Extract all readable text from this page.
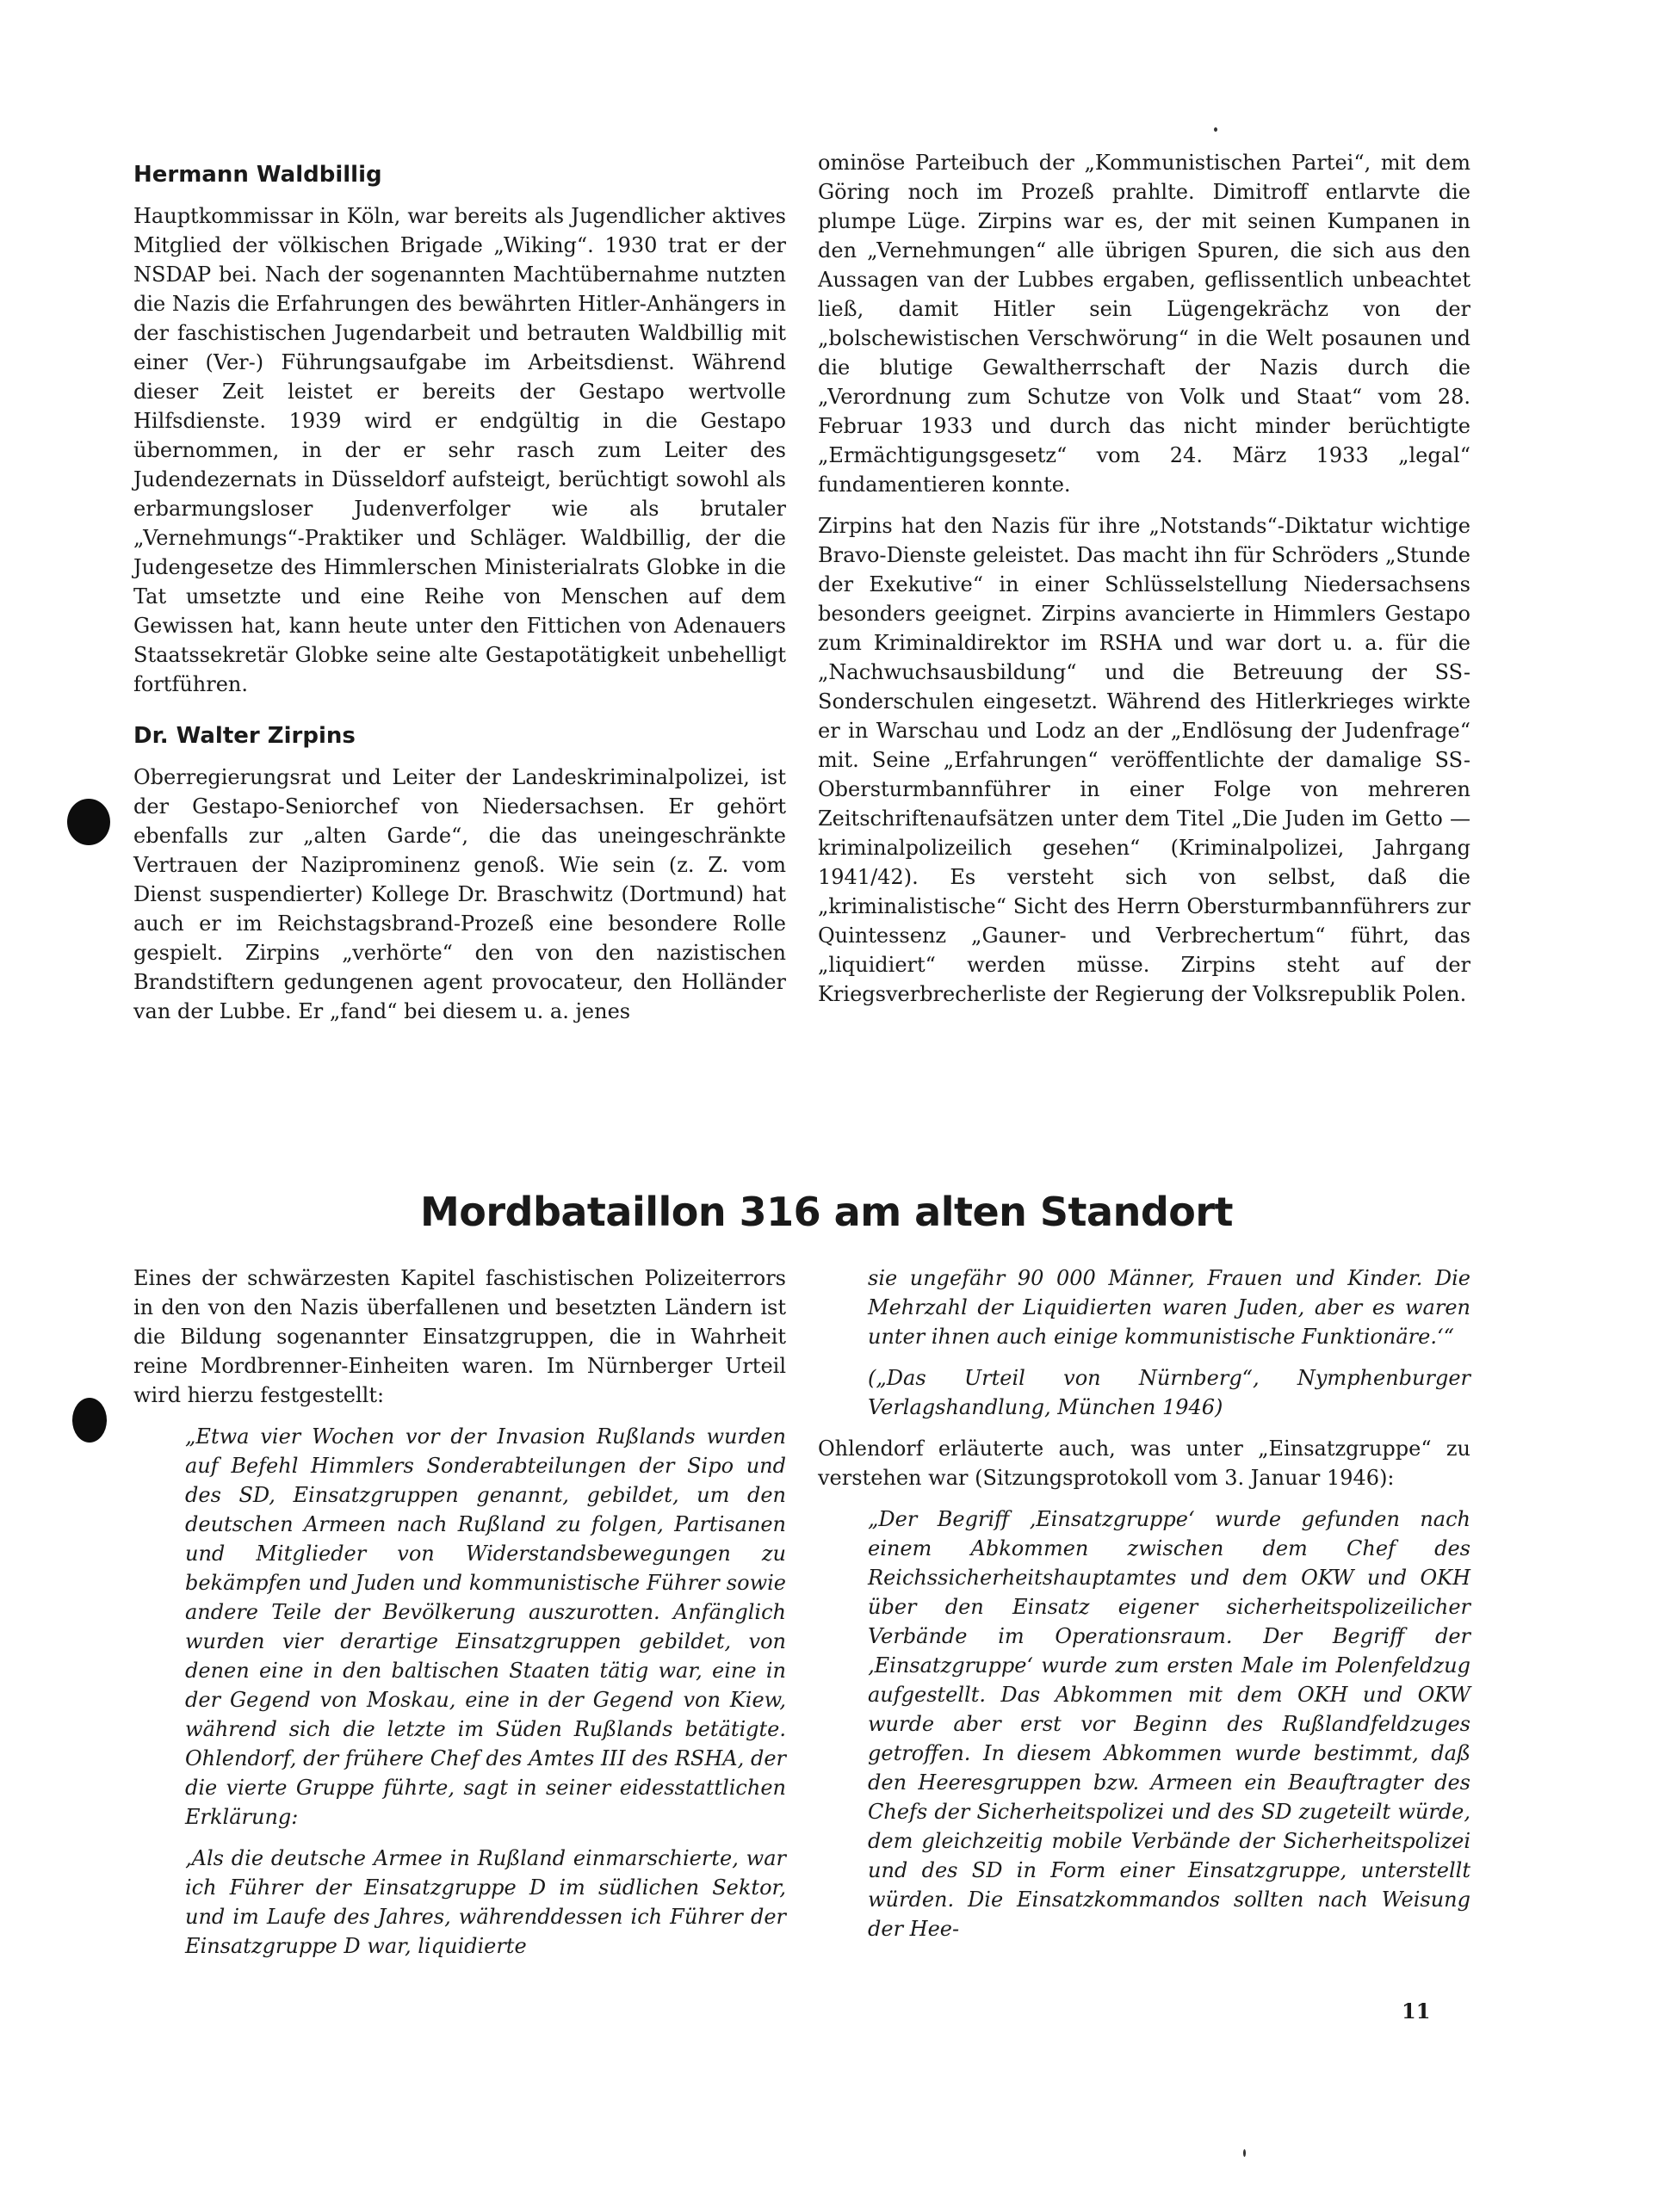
Hermann Waldbillig

Hauptkommissar in Köln, war bereits als Jugendlicher aktives Mitglied der völkischen Brigade „Wiking“. 1930 trat er der NSDAP bei. Nach der sogenannten Machtübernahme nutzten die Nazis die Erfahrungen des bewährten Hitler-Anhängers in der faschistischen Jugendarbeit und betrauten Waldbillig mit einer (Ver-) Führungsaufgabe im Arbeitsdienst. Während dieser Zeit leistet er bereits der Gestapo wertvolle Hilfsdienste. 1939 wird er endgültig in die Gestapo übernommen, in der er sehr rasch zum Leiter des Judendezernats in Düsseldorf aufsteigt, berüchtigt sowohl als erbarmungsloser Judenverfolger wie als brutaler „Vernehmungs“-Praktiker und Schläger. Waldbillig, der die Judengesetze des Himmlerschen Ministerialrats Globke in die Tat umsetzte und eine Reihe von Menschen auf dem Gewissen hat, kann heute unter den Fittichen von Adenauers Staatssekretär Globke seine alte Gestapotätigkeit unbehelligt fortführen.

Dr. Walter Zirpins

Oberregierungsrat und Leiter der Landeskriminalpolizei, ist der Gestapo-Seniorchef von Niedersachsen. Er gehört ebenfalls zur „alten Garde“, die das uneingeschränkte Vertrauen der Naziprominenz genoß. Wie sein (z. Z. vom Dienst suspendierter) Kollege Dr. Braschwitz (Dortmund) hat auch er im Reichstagsbrand-Prozeß eine besondere Rolle gespielt. Zirpins „verhörte“ den von den nazistischen Brandstiftern gedungenen agent provocateur, den Holländer van der Lubbe. Er „fand“ bei diesem u. a. jenes

ominöse Parteibuch der „Kommunistischen Partei“, mit dem Göring noch im Prozeß prahlte. Dimitroff entlarvte die plumpe Lüge. Zirpins war es, der mit seinen Kumpanen in den „Vernehmungen“ alle übrigen Spuren, die sich aus den Aussagen van der Lubbes ergaben, geflissentlich unbeachtet ließ, damit Hitler sein Lügengekrächz von der „bolschewistischen Verschwörung“ in die Welt posaunen und die blutige Gewaltherrschaft der Nazis durch die „Verordnung zum Schutze von Volk und Staat“ vom 28. Februar 1933 und durch das nicht minder berüchtigte „Ermächtigungsgesetz“ vom 24. März 1933 „legal“ fundamentieren konnte.

Zirpins hat den Nazis für ihre „Notstands“-Diktatur wichtige Bravo-Dienste geleistet. Das macht ihn für Schröders „Stunde der Exekutive“ in einer Schlüsselstellung Niedersachsens besonders geeignet. Zirpins avancierte in Himmlers Gestapo zum Kriminaldirektor im RSHA und war dort u. a. für die „Nachwuchsausbildung“ und die Betreuung der SS-Sonderschulen eingesetzt. Während des Hitlerkrieges wirkte er in Warschau und Lodz an der „Endlösung der Judenfrage“ mit. Seine „Erfahrungen“ veröffentlichte der damalige SS-Obersturmbannführer in einer Folge von mehreren Zeitschriftenaufsätzen unter dem Titel „Die Juden im Getto — kriminalpolizeilich gesehen“ (Kriminalpolizei, Jahrgang 1941/42). Es versteht sich von selbst, daß die „kriminalistische“ Sicht des Herrn Obersturmbannführers zur Quintessenz „Gauner- und Verbrechertum“ führt, das „liquidiert“ werden müsse. Zirpins steht auf der Kriegsverbrecherliste der Regierung der Volksrepublik Polen.

Mordbataillon 316 am alten Standort

Eines der schwärzesten Kapitel faschistischen Polizeiterrors in den von den Nazis überfallenen und besetzten Ländern ist die Bildung sogenannter Einsatzgruppen, die in Wahrheit reine Mordbrenner-Einheiten waren. Im Nürnberger Urteil wird hierzu festgestellt:

„Etwa vier Wochen vor der Invasion Rußlands wurden auf Befehl Himmlers Sonderabteilungen der Sipo und des SD, Einsatzgruppen genannt, gebildet, um den deutschen Armeen nach Rußland zu folgen, Partisanen und Mitglieder von Widerstandsbewegungen zu bekämpfen und Juden und kommunistische Führer sowie andere Teile der Bevölkerung auszurotten. Anfänglich wurden vier derartige Einsatzgruppen gebildet, von denen eine in den baltischen Staaten tätig war, eine in der Gegend von Moskau, eine in der Gegend von Kiew, während sich die letzte im Süden Rußlands betätigte. Ohlendorf, der frühere Chef des Amtes III des RSHA, der die vierte Gruppe führte, sagt in seiner eidesstattlichen Erklärung:

‚Als die deutsche Armee in Rußland einmarschierte, war ich Führer der Einsatzgruppe D im südlichen Sektor, und im Laufe des Jahres, währenddessen ich Führer der Einsatzgruppe D war, liquidierte

sie ungefähr 90 000 Männer, Frauen und Kinder. Die Mehrzahl der Liquidierten waren Juden, aber es waren unter ihnen auch einige kommunistische Funktionäre.‘“

(„Das Urteil von Nürnberg“, Nymphenburger Verlagshandlung, München 1946)

Ohlendorf erläuterte auch, was unter „Einsatzgruppe“ zu verstehen war (Sitzungsprotokoll vom 3. Januar 1946):

„Der Begriff ‚Einsatzgruppe‘ wurde gefunden nach einem Abkommen zwischen dem Chef des Reichssicherheitshauptamtes und dem OKW und OKH über den Einsatz eigener sicherheitspolizeilicher Verbände im Operationsraum. Der Begriff der ‚Einsatzgruppe‘ wurde zum ersten Male im Polenfeldzug aufgestellt. Das Abkommen mit dem OKH und OKW wurde aber erst vor Beginn des Rußlandfeldzuges getroffen. In diesem Abkommen wurde bestimmt, daß den Heeresgruppen bzw. Armeen ein Beauftragter des Chefs der Sicherheitspolizei und des SD zugeteilt würde, dem gleichzeitig mobile Verbände der Sicherheitspolizei und des SD in Form einer Einsatzgruppe, unterstellt würden. Die Einsatzkommandos sollten nach Weisung der Hee-

11
